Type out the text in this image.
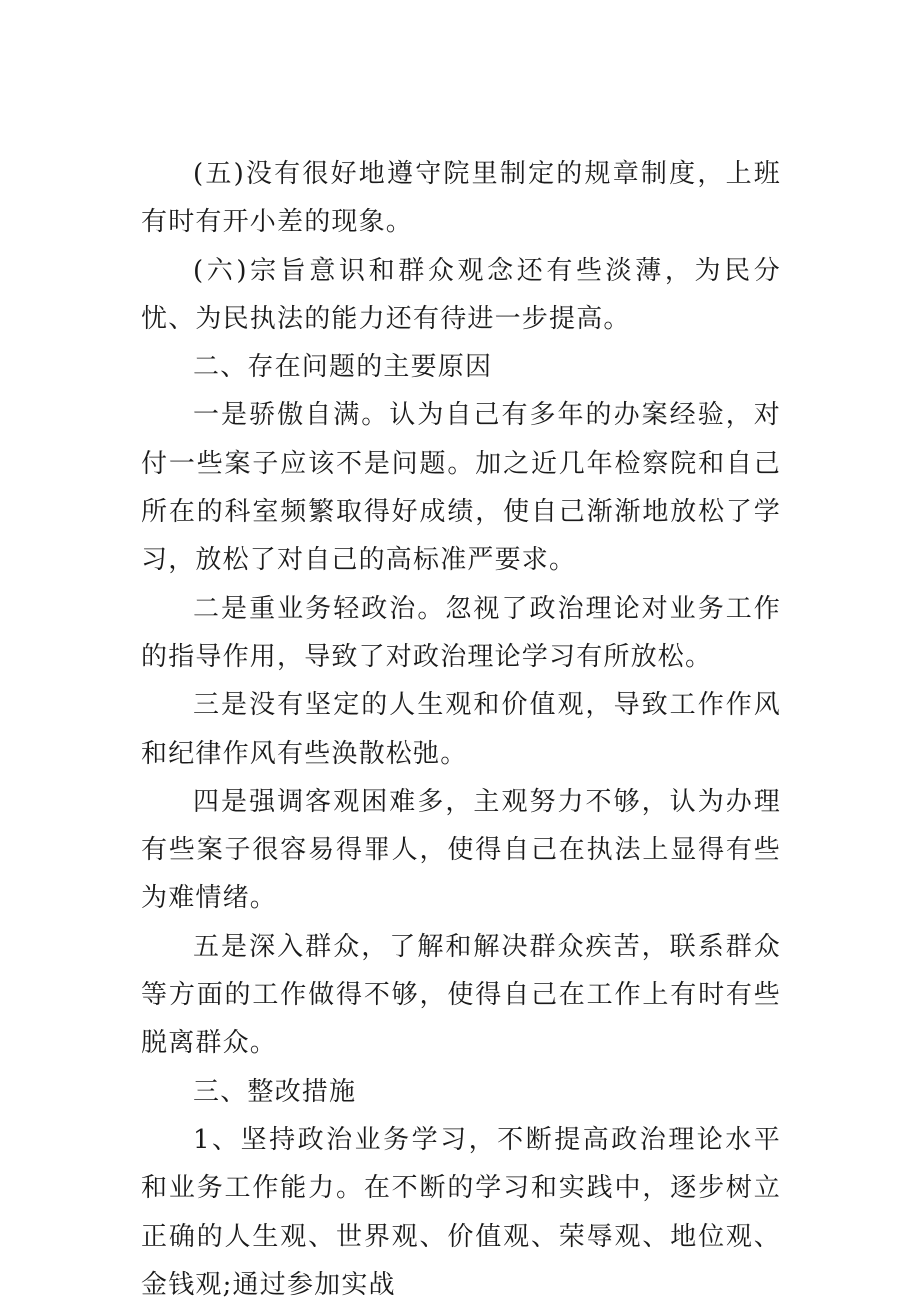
(五)没有很好地遵守院里制定的规章制度，上班有时有开小差的现象。

(六)宗旨意识和群众观念还有些淡薄，为民分忧、为民执法的能力还有待进一步提高。

二、存在问题的主要原因

一是骄傲自满。认为自己有多年的办案经验，对付一些案子应该不是问题。加之近几年检察院和自己所在的科室频繁取得好成绩，使自己渐渐地放松了学习，放松了对自己的高标准严要求。

二是重业务轻政治。忽视了政治理论对业务工作的指导作用，导致了对政治理论学习有所放松。

三是没有坚定的人生观和价值观，导致工作作风和纪律作风有些涣散松弛。

四是强调客观困难多，主观努力不够，认为办理有些案子很容易得罪人，使得自己在执法上显得有些为难情绪。

五是深入群众，了解和解决群众疾苦，联系群众等方面的工作做得不够，使得自己在工作上有时有些脱离群众。

三、整改措施

1、坚持政治业务学习，不断提高政治理论水平和业务工作能力。在不断的学习和实践中，逐步树立正确的人生观、世界观、价值观、荣辱观、地位观、金钱观;通过参加实战
